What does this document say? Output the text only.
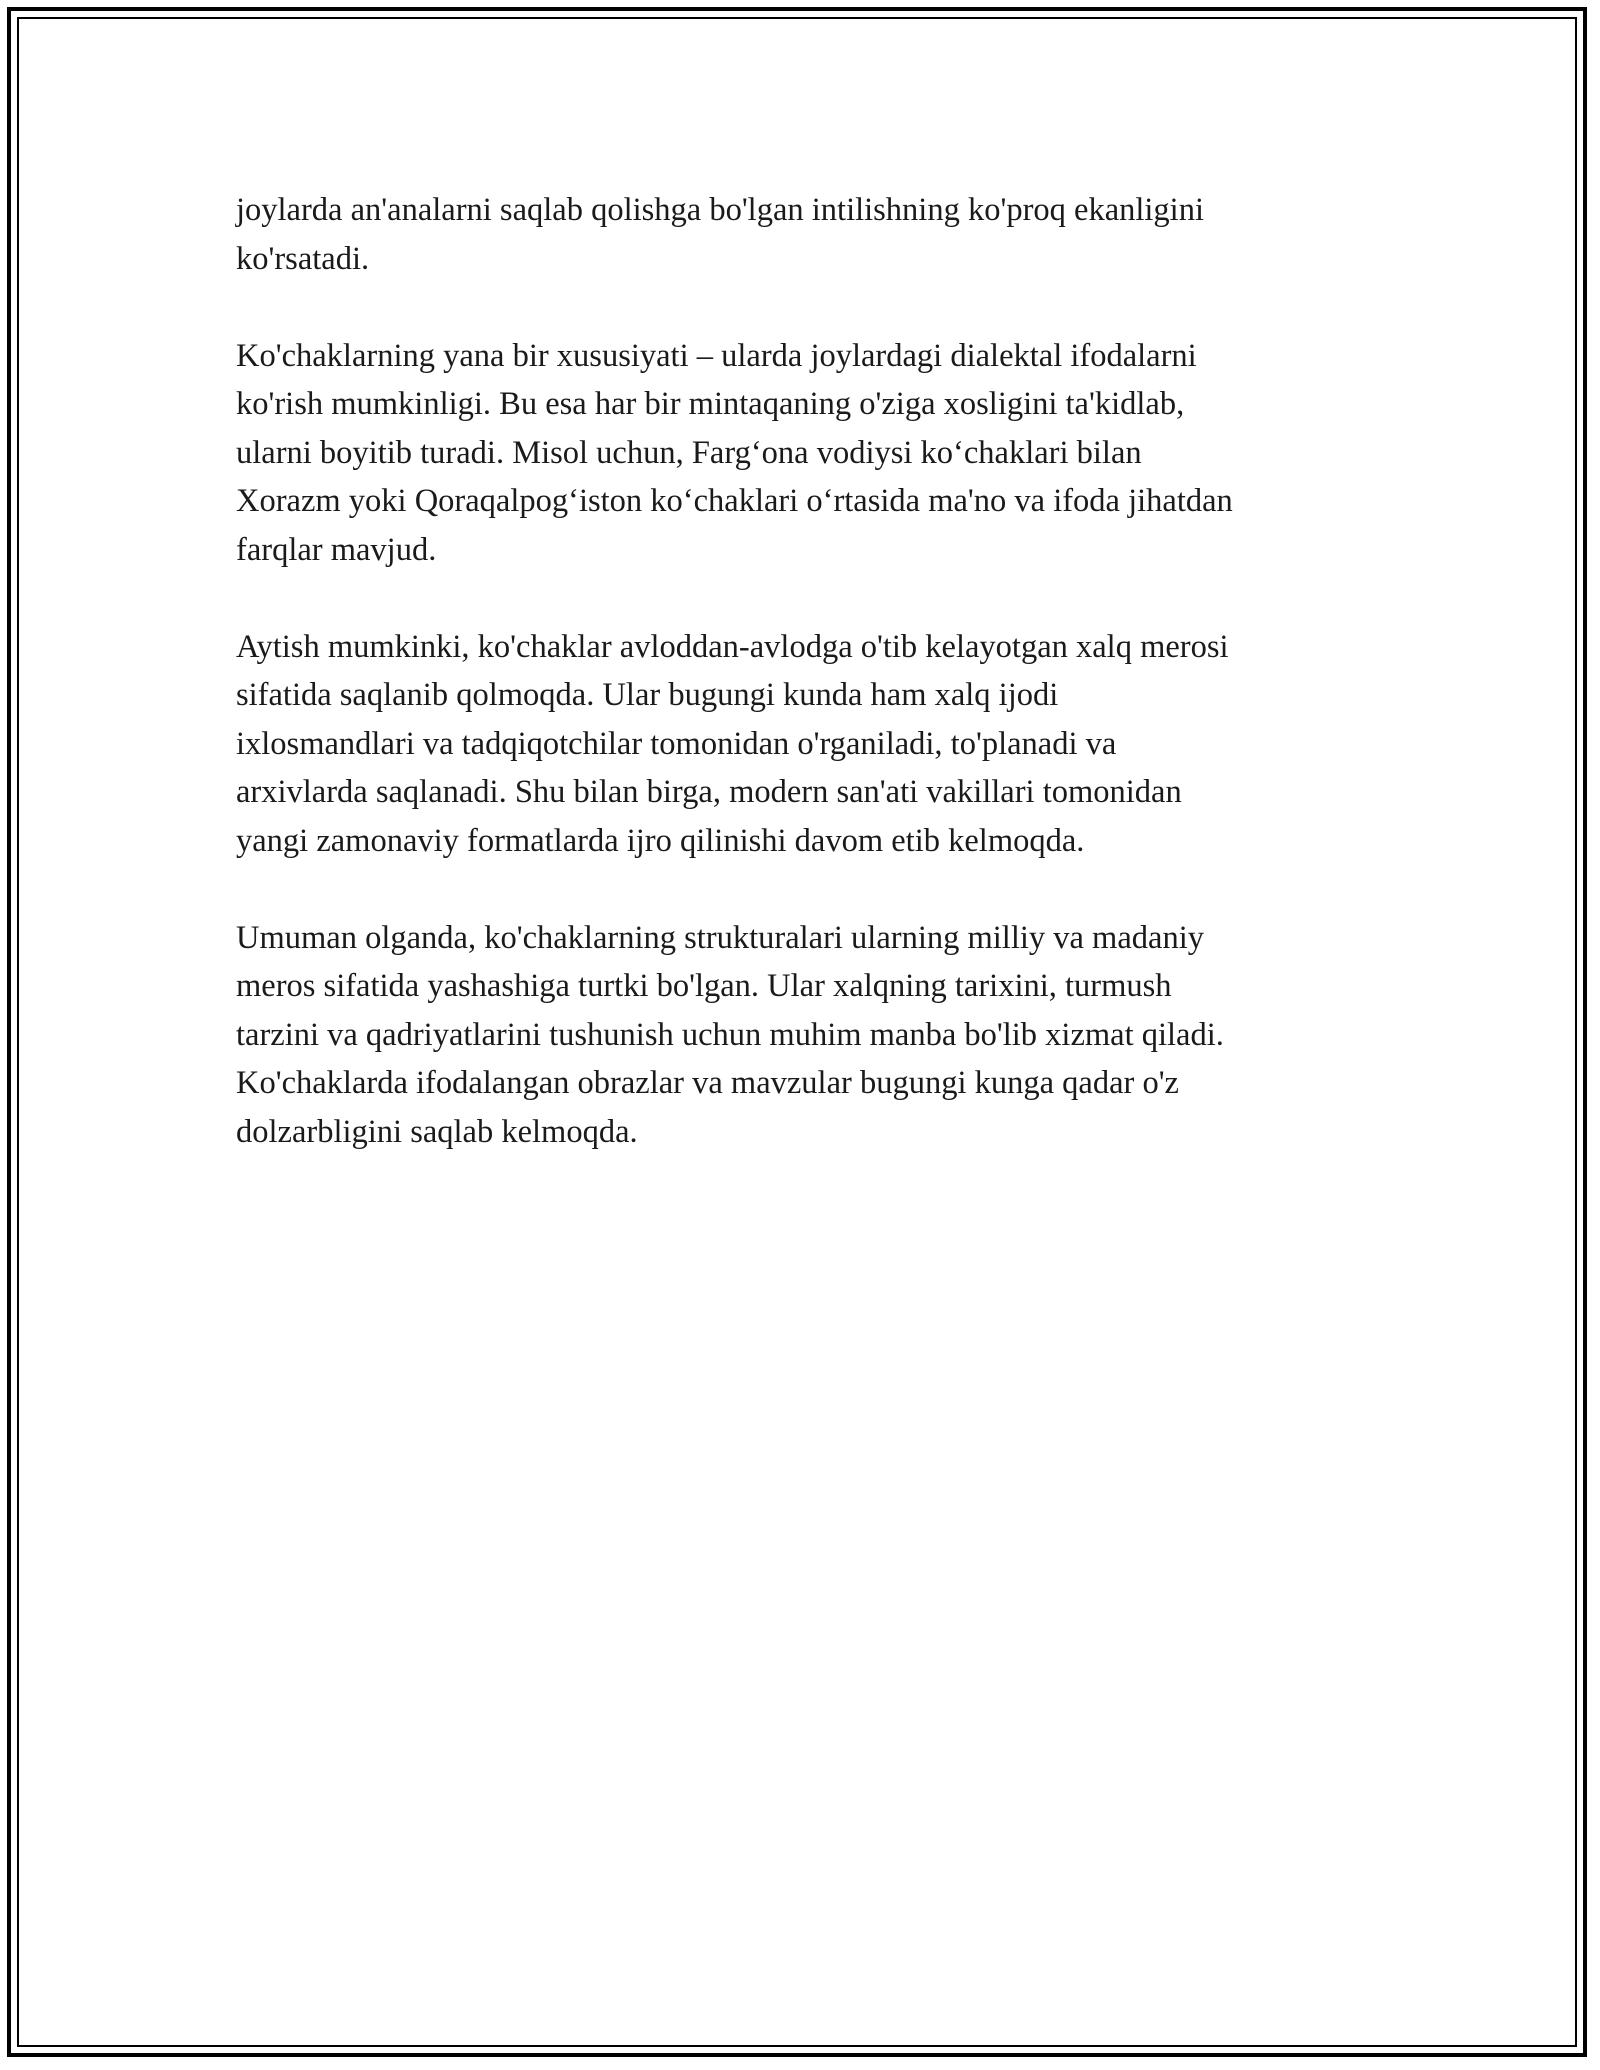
joylarda an'analarni saqlab qolishga bo'lgan intilishning ko'proq ekanligini
ko'rsatadi.

Ko'chaklarning yana bir xususiyati – ularda joylardagi dialektal ifodalarni
ko'rish mumkinligi. Bu esa har bir mintaqaning o'ziga xosligini ta'kidlab,
ularni boyitib turadi. Misol uchun, Farg‘ona vodiysi ko‘chaklari bilan
Xorazm yoki Qoraqalpog‘iston ko‘chaklari o‘rtasida ma'no va ifoda jihatdan
farqlar mavjud.

Aytish mumkinki, ko'chaklar avloddan-avlodga o'tib kelayotgan xalq merosi
sifatida saqlanib qolmoqda. Ular bugungi kunda ham xalq ijodi
ixlosmandlari va tadqiqotchilar tomonidan o'rganiladi, to'planadi va
arxivlarda saqlanadi. Shu bilan birga, modern san'ati vakillari tomonidan
yangi zamonaviy formatlarda ijro qilinishi davom etib kelmoqda.

Umuman olganda, ko'chaklarning strukturalari ularning milliy va madaniy
meros sifatida yashashiga turtki bo'lgan. Ular xalqning tarixini, turmush
tarzini va qadriyatlarini tushunish uchun muhim manba bo'lib xizmat qiladi.
Ko'chaklarda ifodalangan obrazlar va mavzular bugungi kunga qadar o'z
dolzarbligini saqlab kelmoqda.
